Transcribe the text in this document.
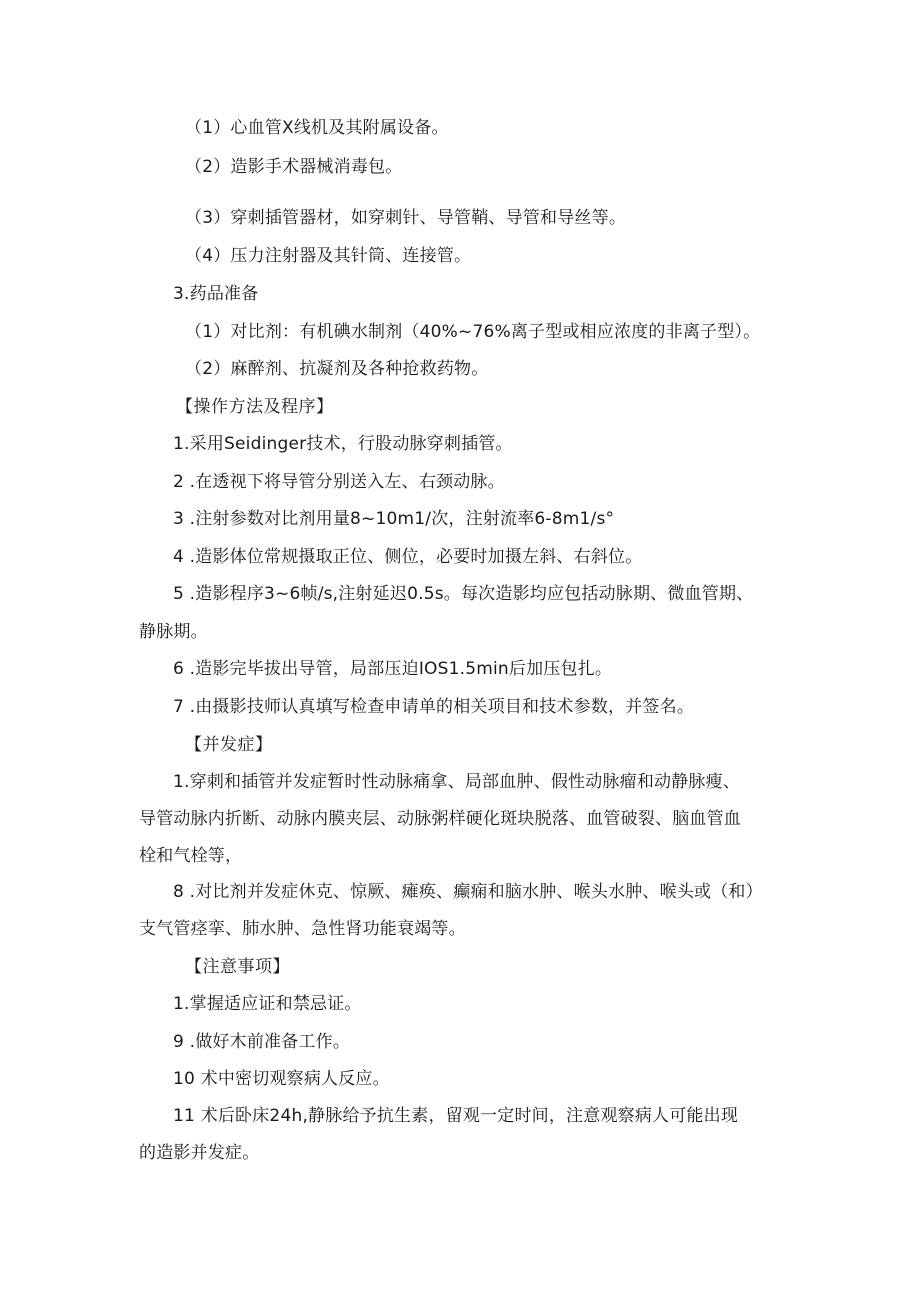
（1）心血管X线机及其附属设备。
（2）造影手术器械消毒包。
（3）穿刺插管器材，如穿刺针、导管鞘、导管和导丝等。
（4）压力注射器及其针筒、连接管。
3.药品准备
（1）对比剂：有机碘水制剂（40%~76%离子型或相应浓度的非离子型）。
（2）麻醉剂、抗凝剂及各种抢救药物。
【操作方法及程序】
1.采用Seidinger技术，行股动脉穿刺插管。
2 .在透视下将导管分别送入左、右颈动脉。
3 .注射参数对比剂用量8~10m1∕次，注射流率6-8m1∕s°
4 .造影体位常规摄取正位、侧位，必要时加摄左斜、右斜位。
5 .造影程序3~6帧/s,注射延迟0.5s。每次造影均应包括动脉期、微血管期、
静脉期。
6 .造影完毕拔出导管，局部压迫IOS1.5min后加压包扎。
7 .由摄影技师认真填写检查申请单的相关项目和技术参数，并签名。
【并发症】
1.穿刺和插管并发症暂时性动脉痛拿、局部血肿、假性动脉瘤和动静脉瘦、
导管动脉内折断、动脉内膜夹层、动脉粥样硬化斑块脱落、血管破裂、脑血管血
栓和气栓等，
8 .对比剂并发症休克、惊厥、瘫痪、癫痫和脑水肿、喉头水肿、喉头或（和）
支气管痉挛、肺水肿、急性肾功能衰竭等。
【注意事项】
1.掌握适应证和禁忌证。
9 .做好木前准备工作。
10 术中密切观察病人反应。
11 术后卧床24h,静脉给予抗生素，留观一定时间，注意观察病人可能出现
的造影并发症。
